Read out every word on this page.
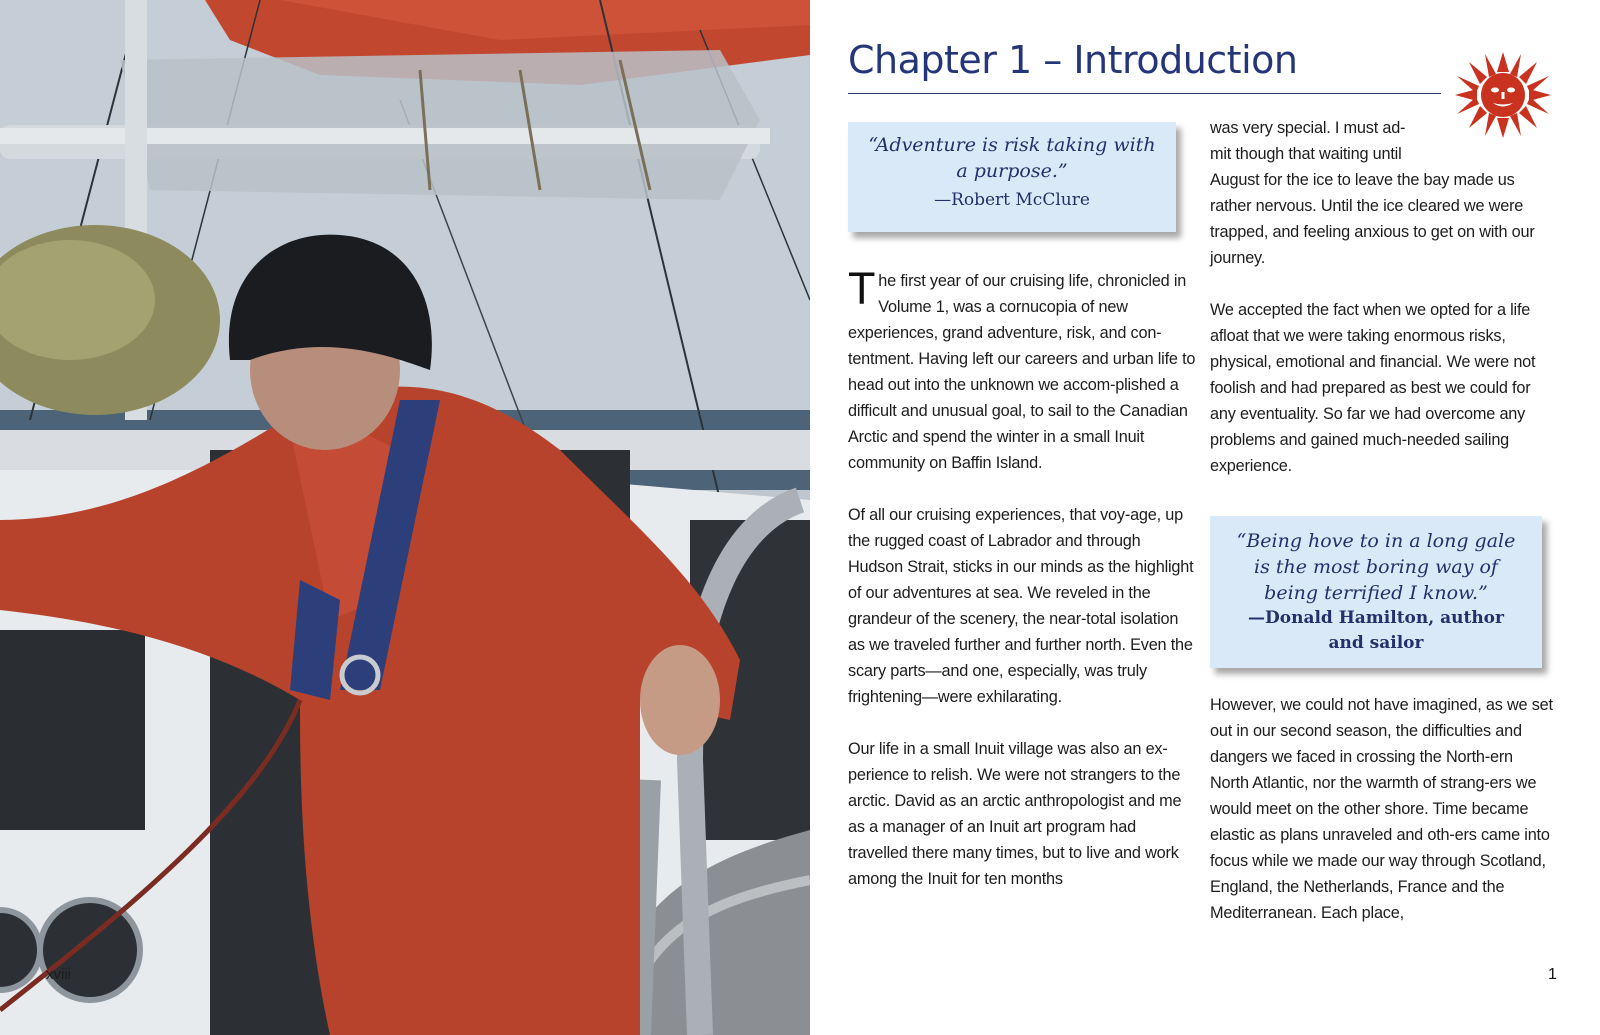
xviii
Chapter 1 – Introduction
“Adventure is risk taking with a purpose.”
—Robert McClure

The first year of our cruising life, chronicled in Volume 1, was a cornucopia of new experiences, grand adventure, risk, and con-tentment. Having left our careers and urban life to head out into the unknown we accom-plished a difficult and unusual goal, to sail to the Canadian Arctic and spend the winter in a small Inuit community on Baffin Island.

Of all our cruising experiences, that voy-age, up the rugged coast of Labrador and through Hudson Strait, sticks in our minds as the highlight of our adventures at sea. We reveled in the grandeur of the scenery, the near-total isolation as we traveled further and further north. Even the scary parts—and one, especially, was truly frightening—were exhilarating.

Our life in a small Inuit village was also an ex-perience to relish. We were not strangers to the arctic. David as an arctic anthropologist and me as a manager of an Inuit art program had travelled there many times, but to live and work among the Inuit for ten months

was very special. I must ad-
mit though that waiting until
August for the ice to leave the bay made us rather nervous. Until the ice cleared we were trapped, and feeling anxious to get on with our journey.

We accepted the fact when we opted for a life afloat that we were taking enormous risks, physical, emotional and financial. We were not foolish and had prepared as best we could for any eventuality. So far we had overcome any problems and gained much-needed sailing experience.

“Being hove to in a long gale is the most boring way of being terrified I know.”
—Donald Hamilton, author and sailor

However, we could not have imagined, as we set out in our second season, the difficulties and dangers we faced in crossing the North-ern North Atlantic, nor the warmth of strang-ers we would meet on the other shore. Time became elastic as plans unraveled and oth-ers came into focus while we made our way through Scotland, England, the Netherlands, France and the Mediterranean. Each place,

1
